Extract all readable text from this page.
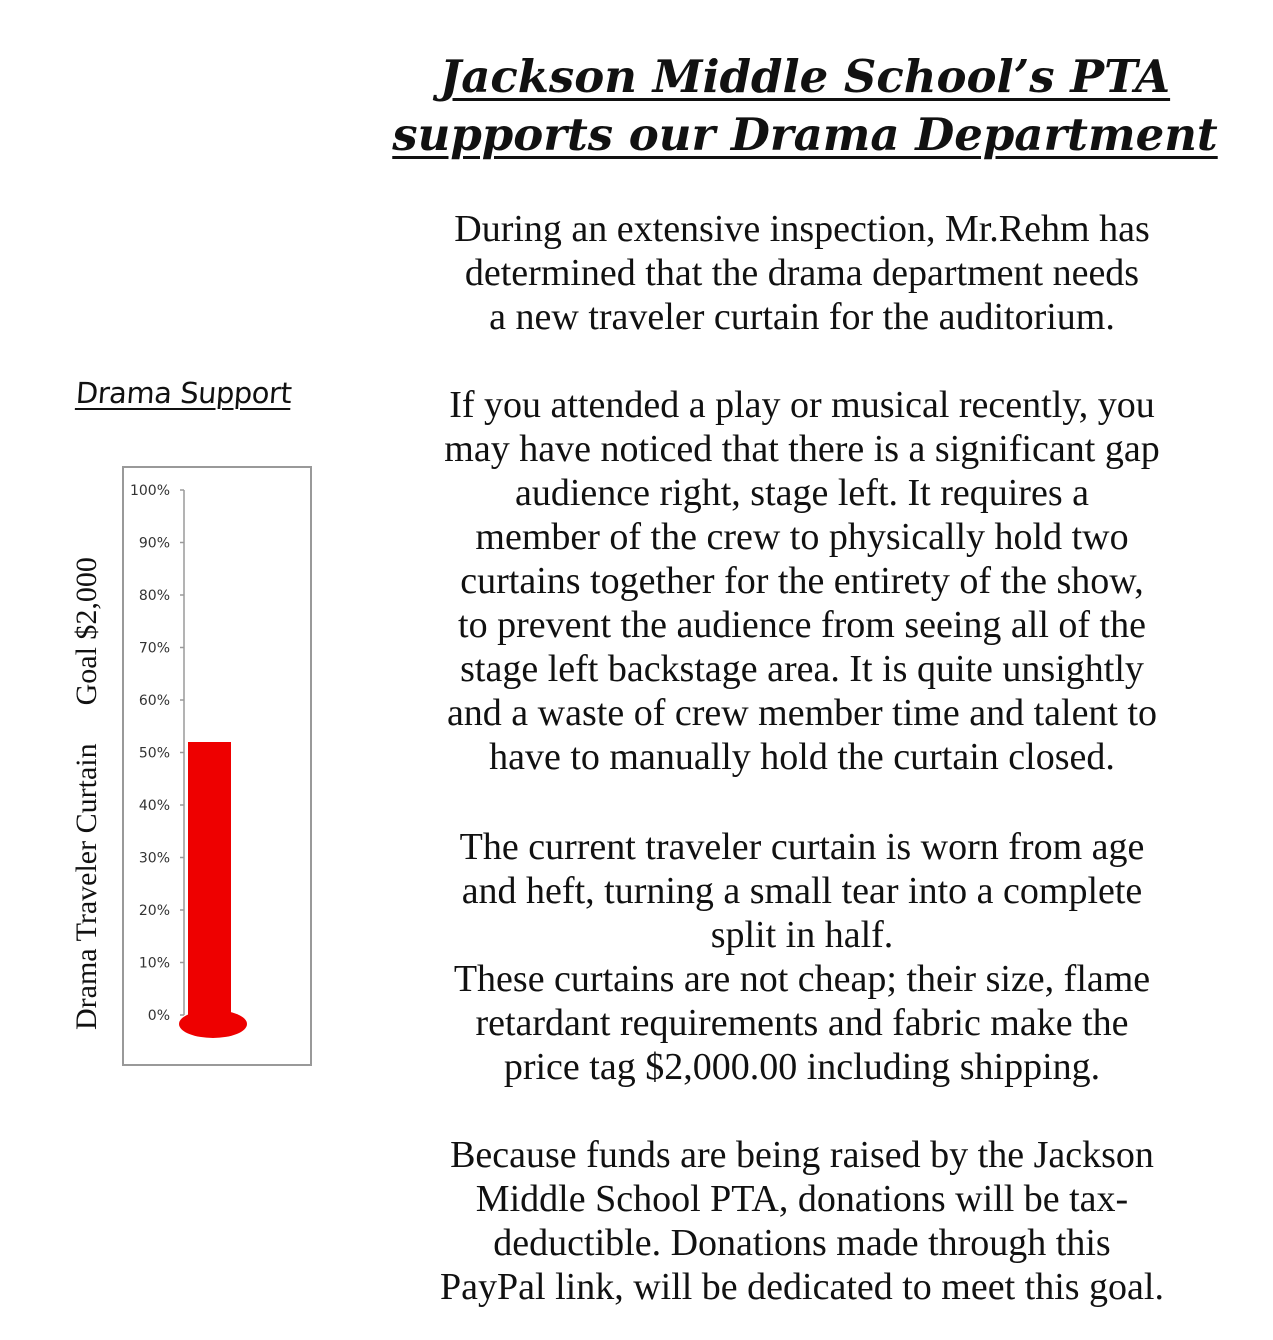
Jackson Middle School’s PTA
supports our Drama Department

During an extensive inspection, Mr.Rehm has
determined that the drama department needs
a new traveler curtain for the auditorium.

If you attended a play or musical recently, you
may have noticed that there is a significant gap
audience right, stage left. It requires a
member of the crew to physically hold two
curtains together for the entirety of the show,
to prevent the audience from seeing all of the
stage left backstage area. It is quite unsightly
and a waste of crew member time and talent to
have to manually hold the curtain closed.

The current traveler curtain is worn from age
and heft, turning a small tear into a complete
split in half.
These curtains are not cheap; their size, flame
retardant requirements and fabric make the
price tag $2,000.00 including shipping.

Because funds are being raised by the Jackson
Middle School PTA, donations will be tax-
deductible. Donations made through this
PayPal link, will be dedicated to meet this goal.

Drama Support
Drama Traveler CurtainGoal $2,000
0%
10%
20%
30%
40%
50%
60%
70%
80%
90%
100%
